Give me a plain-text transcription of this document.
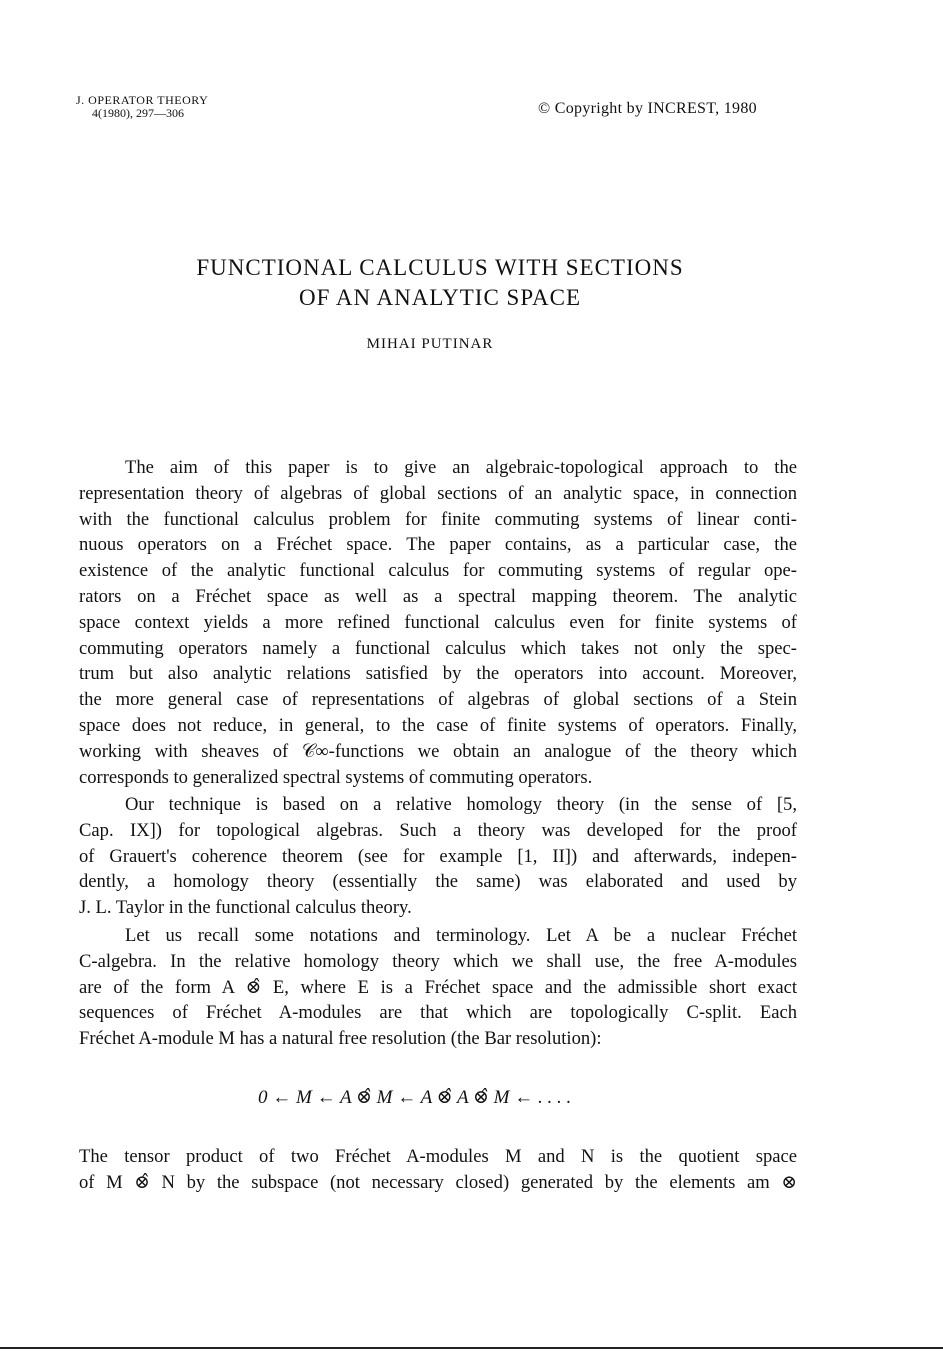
J. OPERATOR THEORY
4(1980), 297—306	© Copyright by INCREST, 1980
FUNCTIONAL CALCULUS WITH SECTIONS
OF AN ANALYTIC SPACE
MIHAI PUTINAR
The aim of this paper is to give an algebraic-topological approach to the
representation theory of algebras of global sections of an analytic space, in connection
with the functional calculus problem for finite commuting systems of linear conti-
nuous operators on a Fréchet space. The paper contains, as a particular case, the
existence of the analytic functional calculus for commuting systems of regular ope-
rators on a Fréchet space as well as a spectral mapping theorem. The analytic
space context yields a more refined functional calculus even for finite systems of
commuting operators namely a functional calculus which takes not only the spec-
trum but also analytic relations satisfied by the operators into account. Moreover,
the more general case of representations of algebras of global sections of a Stein
space does not reduce, in general, to the case of finite systems of operators. Finally,
working with sheaves of 𝒞∞-functions we obtain an analogue of the theory which
corresponds to generalized spectral systems of commuting operators.
Our technique is based on a relative homology theory (in the sense of [5,
Cap. IX]) for topological algebras. Such a theory was developed for the proof
of Grauert's coherence theorem (see for example [1, II]) and afterwards, indepen-
dently, a homology theory (essentially the same) was elaborated and used by
J. L. Taylor in the functional calculus theory.
Let us recall some notations and terminology. Let A be a nuclear Fréchet
C-algebra. In the relative homology theory which we shall use, the free A-modules
are of the form A ⊗̂ E, where E is a Fréchet space and the admissible short exact
sequences of Fréchet A-modules are that which are topologically C-split. Each
Fréchet A-module M has a natural free resolution (the Bar resolution):
0 ← M ← A ⊗̂ M ← A ⊗̂ A ⊗̂ M ← . . . .
The tensor product of two Fréchet A-modules M and N is the quotient space
of M ⊗̂ N by the subspace (not necessary closed) generated by the elements am ⊗
